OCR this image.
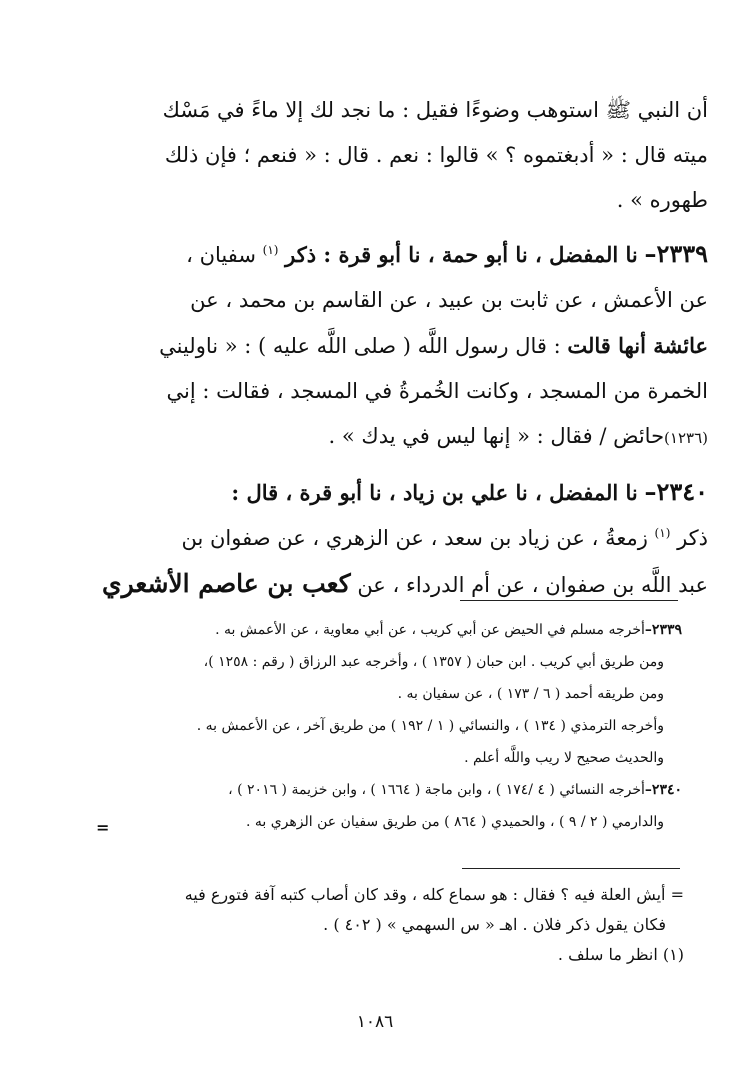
أن النبي ﷺ استوهب وضوءًا فقيل : ما نجد لك إلا ماءً في مَسْك
ميته قال : « أدبغتموه ؟ » قالوا : نعم . قال : « فنعم ؛ فإن ذلك
طهوره » .

٢٣٣٩– نا المفضل ، نا أبو حمة ، نا أبو قرة : ذكر $^{(١)}$ سفيان ،
عن الأعمش ، عن ثابت بن عبيد ، عن القاسم بن محمد ، عن
عائشة أنها قالت : قال رسول اللَّه ( صلى اللَّه عليه ) : « ناوليني
الخمرة من المسجد ، وكانت الخُمرةُ في المسجد ، فقالت : إني
(١٢٣٦)حائض / فقال : « إنها ليس في يدك » .

٢٣٤٠– نا المفضل ، نا علي بن زياد ، نا أبو قرة ، قال :
ذكر $^{(١)}$ زمعةُ ، عن زياد بن سعد ، عن الزهري ، عن صفوان بن
عبد اللَّه بن صفوان ، عن أم الدرداء ، عن كعب بن عاصم الأشعري

٢٣٣٩–أخرجه مسلم في الحيض عن أبي كريب ، عن أبي معاوية ، عن الأعمش به .

ومن طريق أبي كريب . ابن حبان ( ١٣٥٧ ) ، وأخرجه عبد الرزاق ( رقم : ١٢٥٨ )،

ومن طريقه أحمد ( ٦ / ١٧٣ ) ، عن سفيان به .

وأخرجه الترمذي ( ١٣٤ ) ، والنسائي ( ١ / ١٩٢ ) من طريق آخر ، عن الأعمش به .

والحديث صحيح لا ريب واللَّه أعلم .

٢٣٤٠–أخرجه النسائي ( ٤ /١٧٤ ) ، وابن ماجة ( ١٦٦٤ ) ، وابن خزيمة ( ٢٠١٦ ) ،

والدارمي ( ٢ / ٩ ) ، والحميدي ( ٨٦٤ ) من طريق سفيان عن الزهري به .

=

= أيش العلة فيه ؟ فقال : هو سماع كله ، وقد كان أصاب كتبه آفة فتورع فيه

فكان يقول ذكر فلان . اهـ « س السهمي » ( ٤٠٢ ) .

(١) انظر ما سلف .

١٠٨٦
